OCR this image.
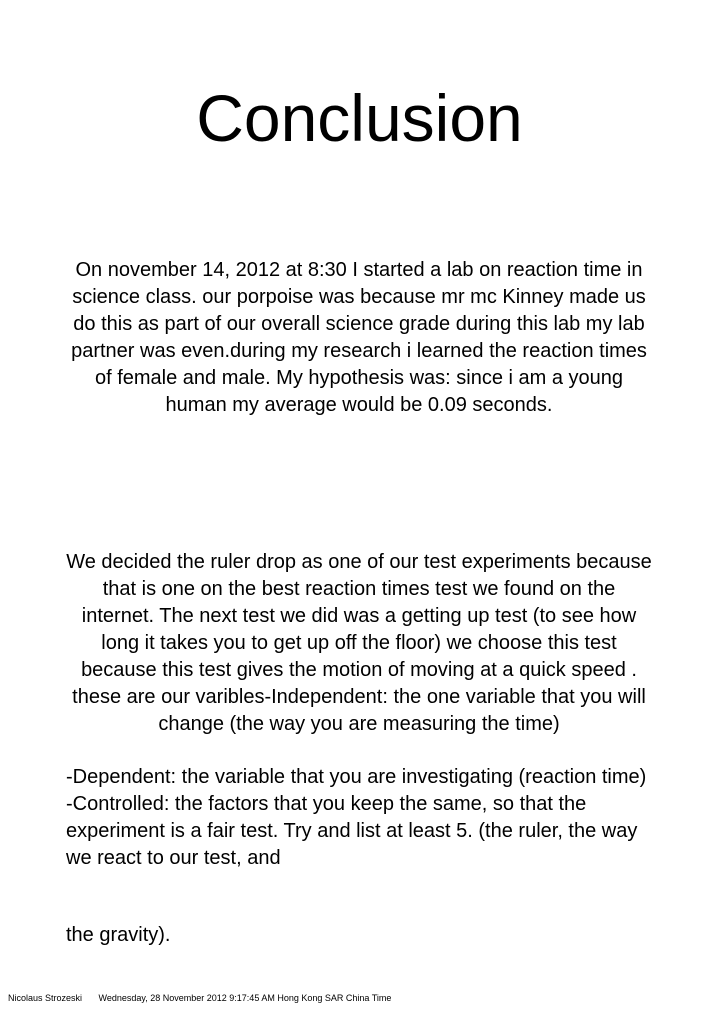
Conclusion

On november 14, 2012 at 8:30 I started a lab on reaction time in science class. our porpoise was because mr mc Kinney made us do this as part of our overall science grade during this lab my lab partner was even.during my research i learned the reaction times of female and male. My hypothesis was: since i am a young human my average would be 0.09 seconds.

We decided the ruler drop as one of our test experiments because that is one on the best reaction times test we found on the internet. The next test we did was a getting up test (to see how long it takes you to get up off the floor) we choose this test because this test gives the motion of moving at a quick speed . these are our varibles-Independent: the one variable that you will change (the way you are measuring the time)

-Dependent: the variable that you are investigating (reaction time)

-Controlled: the factors that you keep the same, so that the experiment is a fair test. Try and list at least 5. (the ruler, the way we react to our test, and

the gravity).

Nicolaus Strozeski Wednesday, 28 November 2012 9:17:45 AM Hong Kong SAR China Time
